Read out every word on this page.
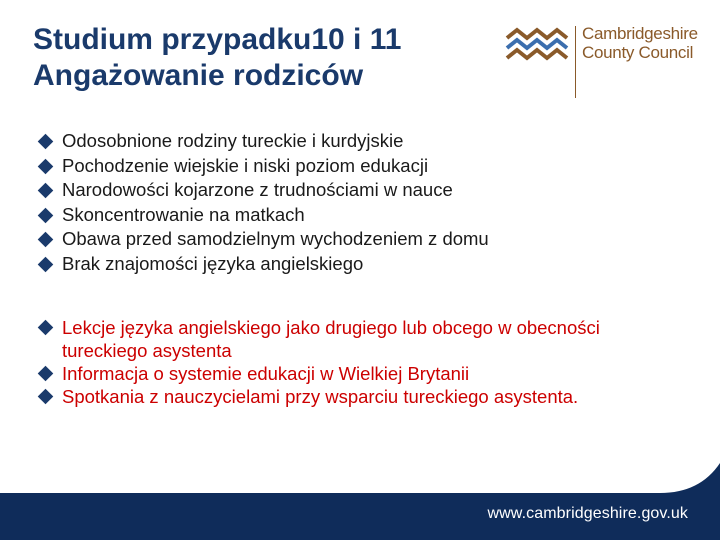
Studium przypadku10 i 11
Angażowanie rodziców
Cambridgeshire
County Council
Odosobnione rodziny tureckie i kurdyjskie
Pochodzenie wiejskie i niski poziom edukacji
Narodowości kojarzone z trudnościami w nauce
Skoncentrowanie na matkach
Obawa przed samodzielnym wychodzeniem z domu
Brak znajomości języka angielskiego
Lekcje języka angielskiego jako drugiego lub obcego w obecności tureckiego asystenta
Informacja o systemie edukacji w Wielkiej Brytanii
Spotkania z nauczycielami przy wsparciu tureckiego asystenta.
www.cambridgeshire.gov.uk
